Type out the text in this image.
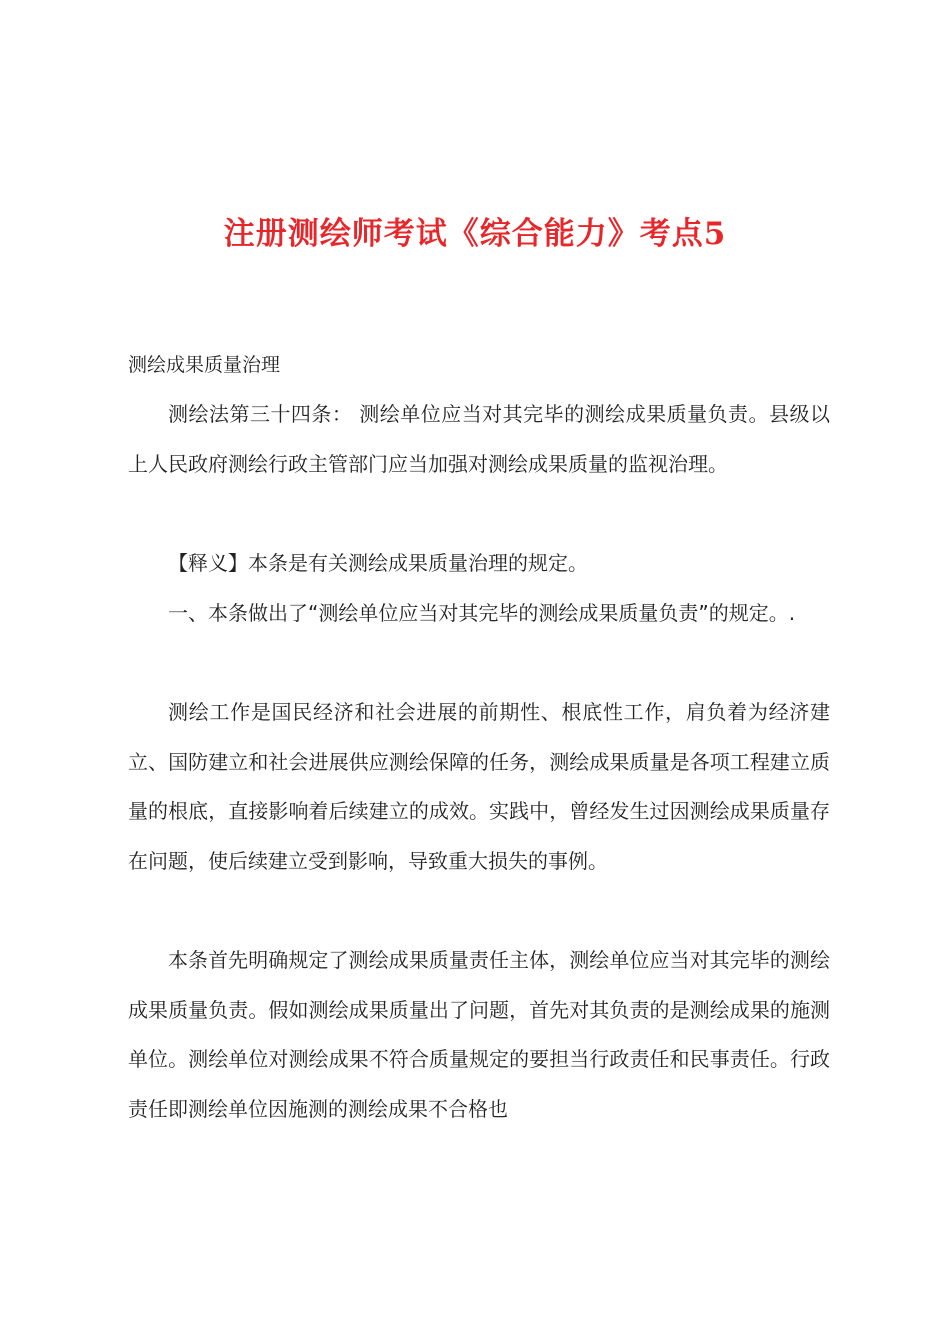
注册测绘师考试《综合能力》考点5

测绘成果质量治理

测绘法第三十四条： 测绘单位应当对其完毕的测绘成果质量负责。县级以上人民政府测绘行政主管部门应当加强对测绘成果质量的监视治理。

【释义】本条是有关测绘成果质量治理的规定。

一、本条做出了“测绘单位应当对其完毕的测绘成果质量负责”的规定。.

测绘工作是国民经济和社会进展的前期性、根底性工作，肩负着为经济建立、国防建立和社会进展供应测绘保障的任务，测绘成果质量是各项工程建立质量的根底，直接影响着后续建立的成效。实践中，曾经发生过因测绘成果质量存在问题，使后续建立受到影响，导致重大损失的事例。

本条首先明确规定了测绘成果质量责任主体，测绘单位应当对其完毕的测绘成果质量负责。假如测绘成果质量出了问题，首先对其负责的是测绘成果的施测单位。测绘单位对测绘成果不符合质量规定的要担当行政责任和民事责任。行政责任即测绘单位因施测的测绘成果不合格也
